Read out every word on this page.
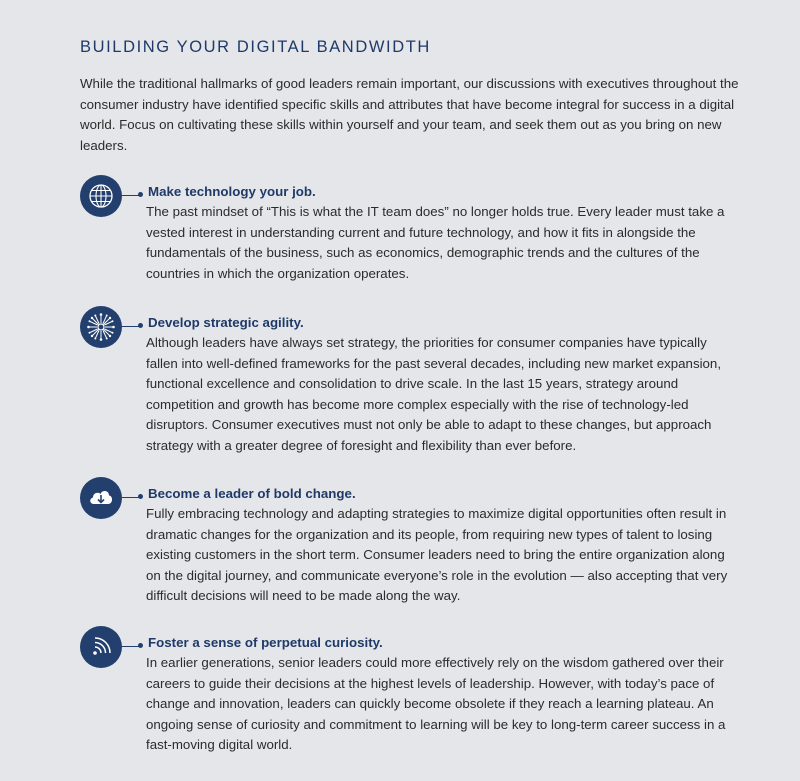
BUILDING YOUR DIGITAL BANDWIDTH

While the traditional hallmarks of good leaders remain important, our discussions with executives throughout the consumer industry have identified specific skills and attributes that have become integral for success in a digital world. Focus on cultivating these skills within yourself and your team, and seek them out as you bring on new leaders.

Make technology your job.

The past mindset of “This is what the IT team does” no longer holds true. Every leader must take a vested interest in understanding current and future technology, and how it fits in alongside the fundamentals of the business, such as economics, demographic trends and the cultures of the countries in which the organization operates.

Develop strategic agility.

Although leaders have always set strategy, the priorities for consumer companies have typically fallen into well-defined frameworks for the past several decades, including new market expansion, functional excellence and consolidation to drive scale. In the last 15 years, strategy around competition and growth has become more complex especially with the rise of technology-led disruptors. Consumer executives must not only be able to adapt to these changes, but approach strategy with a greater degree of foresight and flexibility than ever before.

Become a leader of bold change.

Fully embracing technology and adapting strategies to maximize digital opportunities often result in dramatic changes for the organization and its people, from requiring new types of talent to losing existing customers in the short term. Consumer leaders need to bring the entire organization along on the digital journey, and communicate everyone’s role in the evolution — also accepting that very difficult decisions will need to be made along the way.

Foster a sense of perpetual curiosity.

In earlier generations, senior leaders could more effectively rely on the wisdom gathered over their careers to guide their decisions at the highest levels of leadership. However, with today’s pace of change and innovation, leaders can quickly become obsolete if they reach a learning plateau. An ongoing sense of curiosity and commitment to learning will be key to long-term career success in a fast-moving digital world.
